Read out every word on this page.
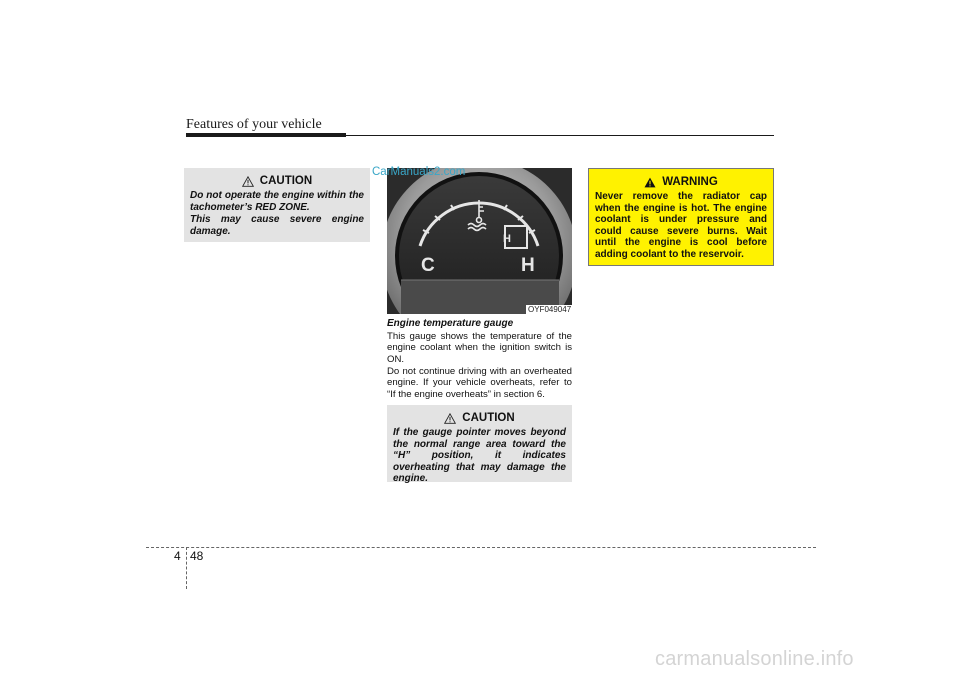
Features of your vehicle
CAUTION

Do not operate the engine within the tachometer’s RED ZONE.

This may cause severe engine damage.

H
C	H
CarManuals2.com
OYF049047
Engine temperature gauge
This gauge shows the temperature of the engine coolant when the ignition switch is ON.
Do not continue driving with an overheated engine. If your vehicle overheats, refer to “If the engine overheats” in section 6.
CAUTION
If the gauge pointer moves beyond the normal range area toward the “H” position, it indicates overheating that may damage the engine.
WARNING
Never remove the radiator cap when the engine is hot. The engine coolant is under pressure and could cause severe burns. Wait until the engine is cool before adding coolant to the reservoir.
4 48
carmanualsonline.info
